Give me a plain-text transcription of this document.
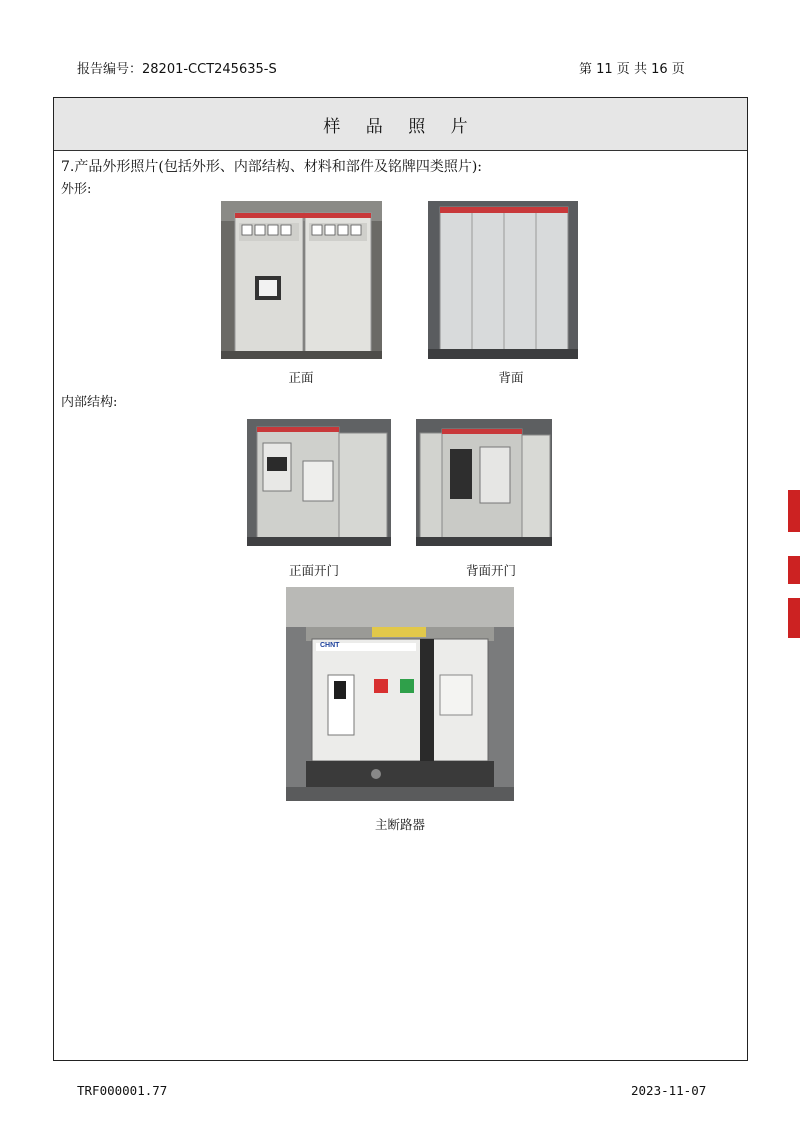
报告编号：28201-CCT245635-S	第 11 页 共 16 页
样 品 照 片
7.产品外形照片(包括外形、内部结构、材料和部件及铭牌四类照片):
外形:
内部结构:
正面	背面
正面开门	背面开门
CHNT
主断路器
TRF000001.77	2023-11-07
